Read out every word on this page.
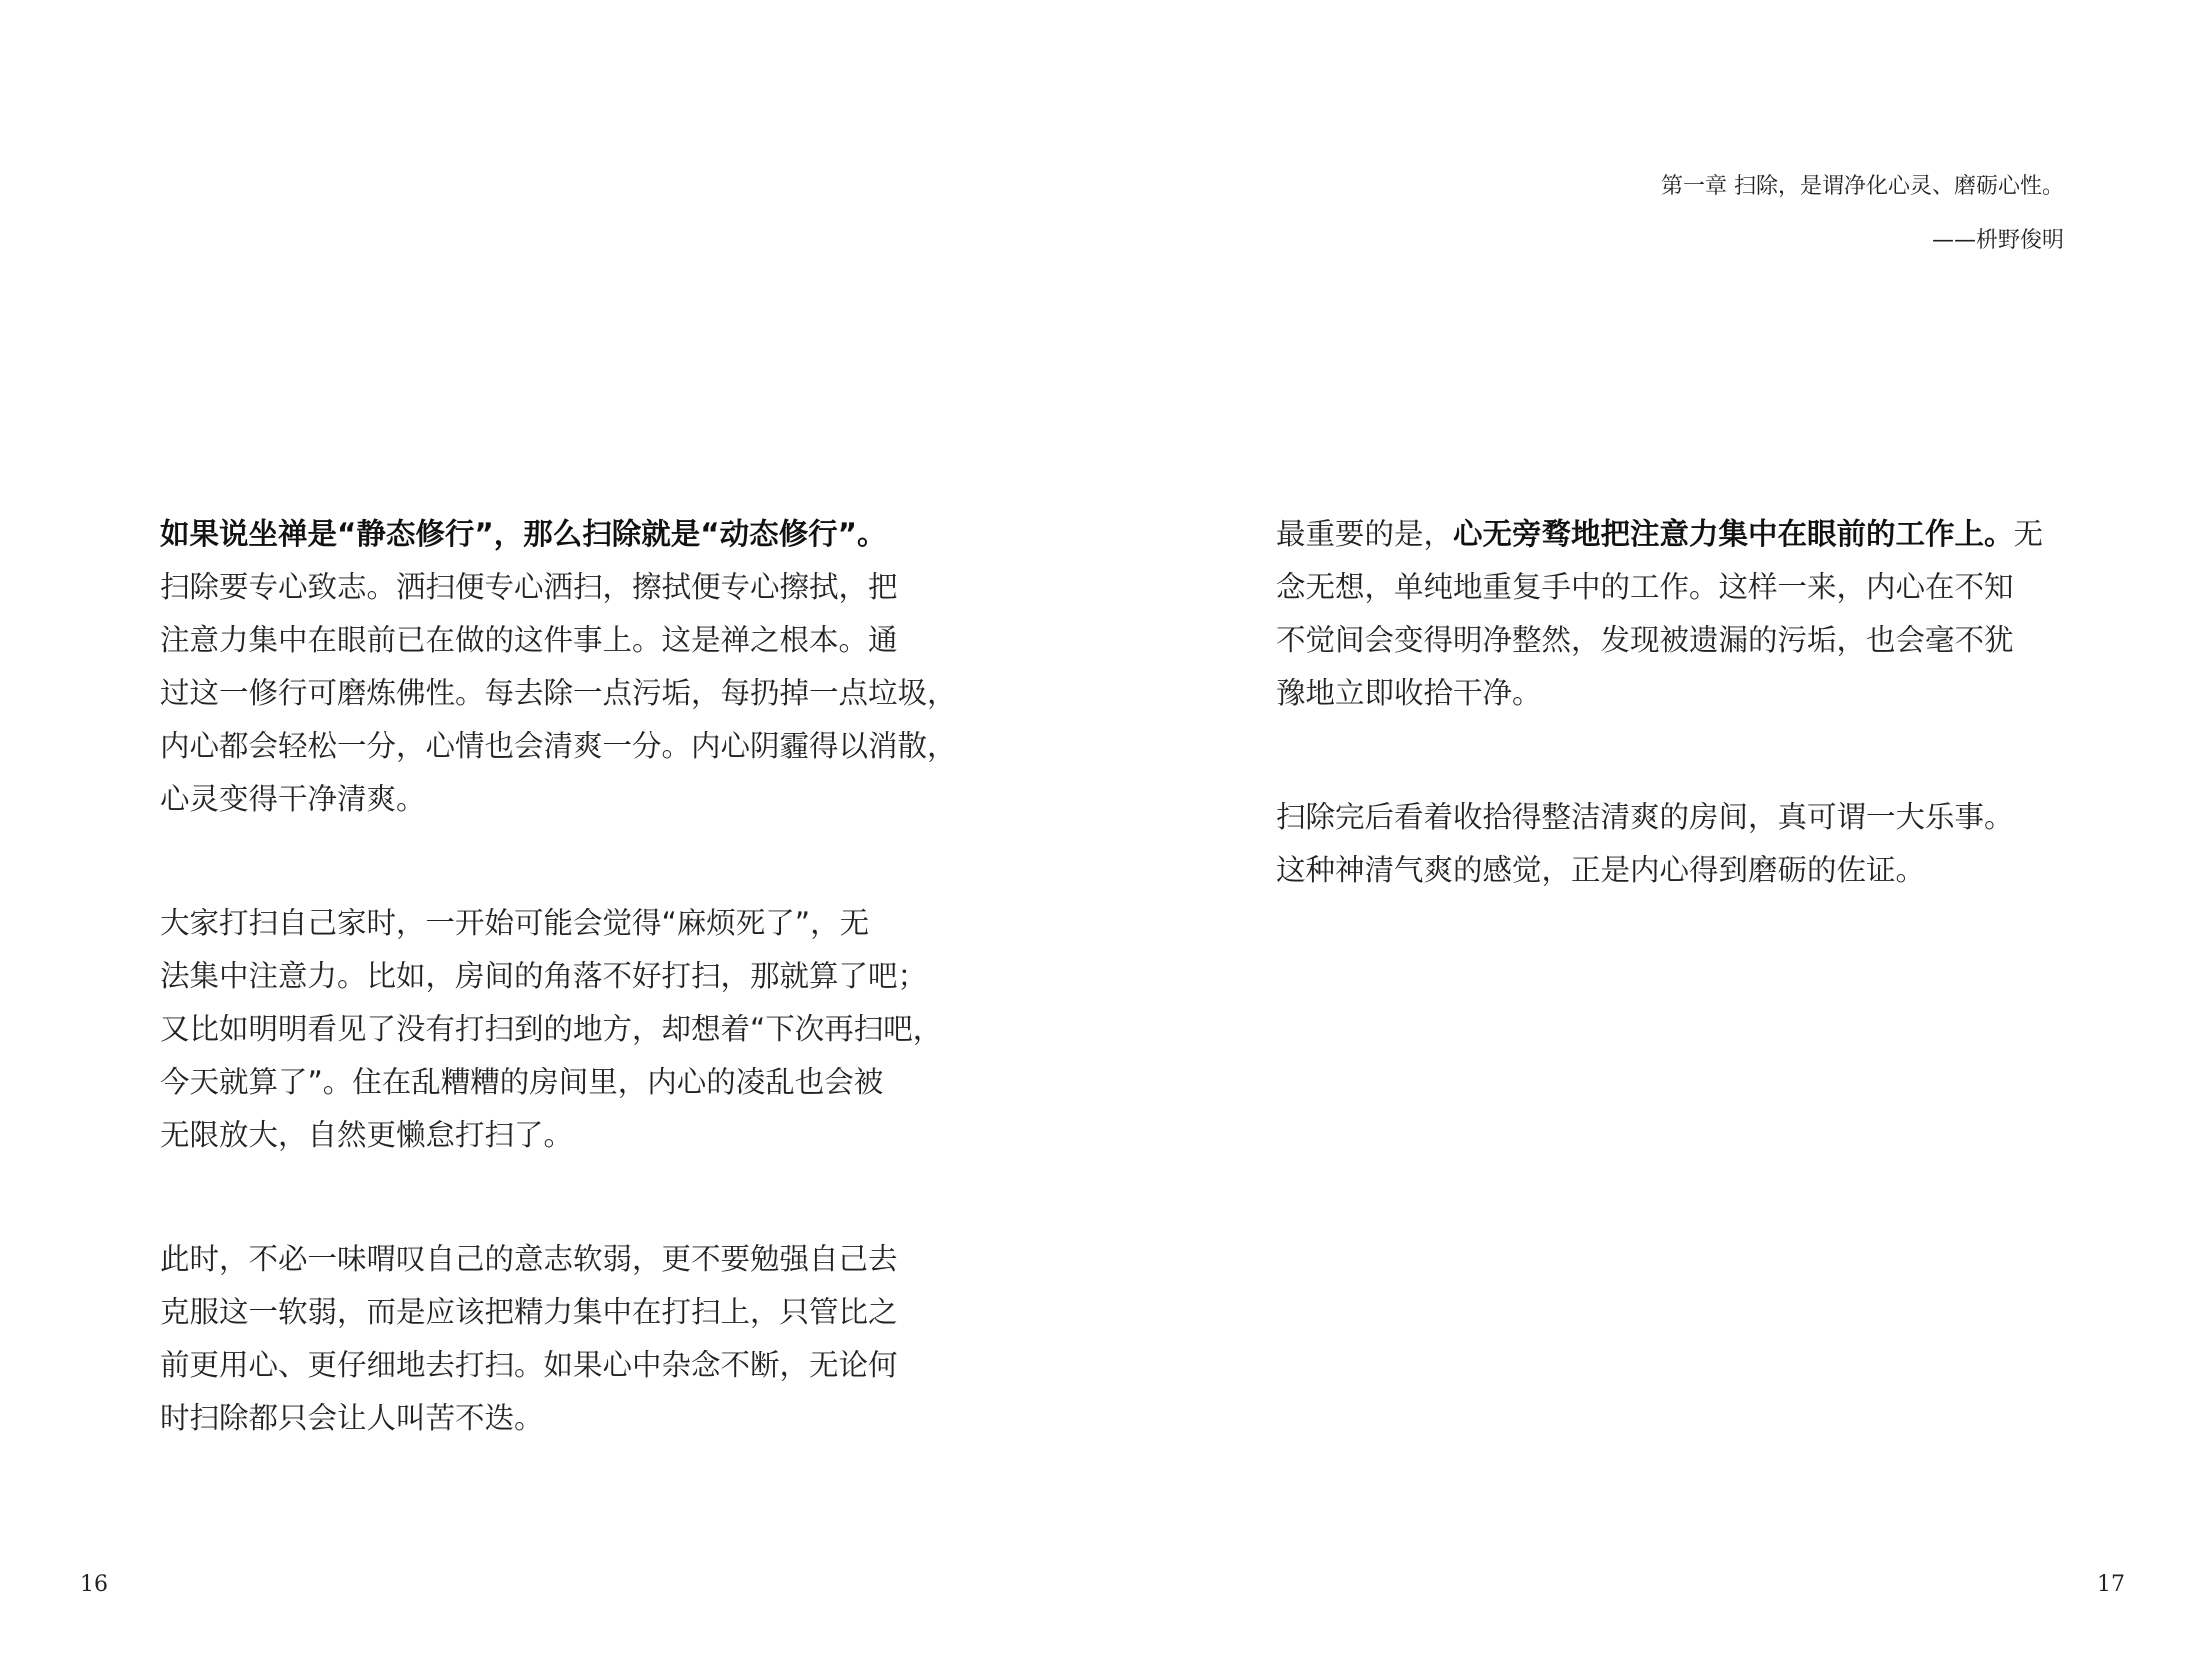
第一章 扫除，是谓净化心灵、磨砺心性。
——枡野俊明

如果说坐禅是“静态修行”，那么扫除就是“动态修行”。
扫除要专心致志。洒扫便专心洒扫，擦拭便专心擦拭，把
注意力集中在眼前已在做的这件事上。这是禅之根本。通
过这一修行可磨炼佛性。每去除一点污垢，每扔掉一点垃圾，
内心都会轻松一分，心情也会清爽一分。内心阴霾得以消散，
心灵变得干净清爽。

大家打扫自己家时，一开始可能会觉得“麻烦死了”，无
法集中注意力。比如，房间的角落不好打扫，那就算了吧；
又比如明明看见了没有打扫到的地方，却想着“下次再扫吧，
今天就算了”。住在乱糟糟的房间里，内心的凌乱也会被
无限放大，自然更懒怠打扫了。

此时，不必一味喟叹自己的意志软弱，更不要勉强自己去
克服这一软弱，而是应该把精力集中在打扫上，只管比之
前更用心、更仔细地去打扫。如果心中杂念不断，无论何
时扫除都只会让人叫苦不迭。

最重要的是，心无旁骛地把注意力集中在眼前的工作上。无
念无想，单纯地重复手中的工作。这样一来，内心在不知
不觉间会变得明净整然，发现被遗漏的污垢，也会毫不犹
豫地立即收拾干净。

扫除完后看着收拾得整洁清爽的房间，真可谓一大乐事。
这种神清气爽的感觉，正是内心得到磨砺的佐证。

16	17
